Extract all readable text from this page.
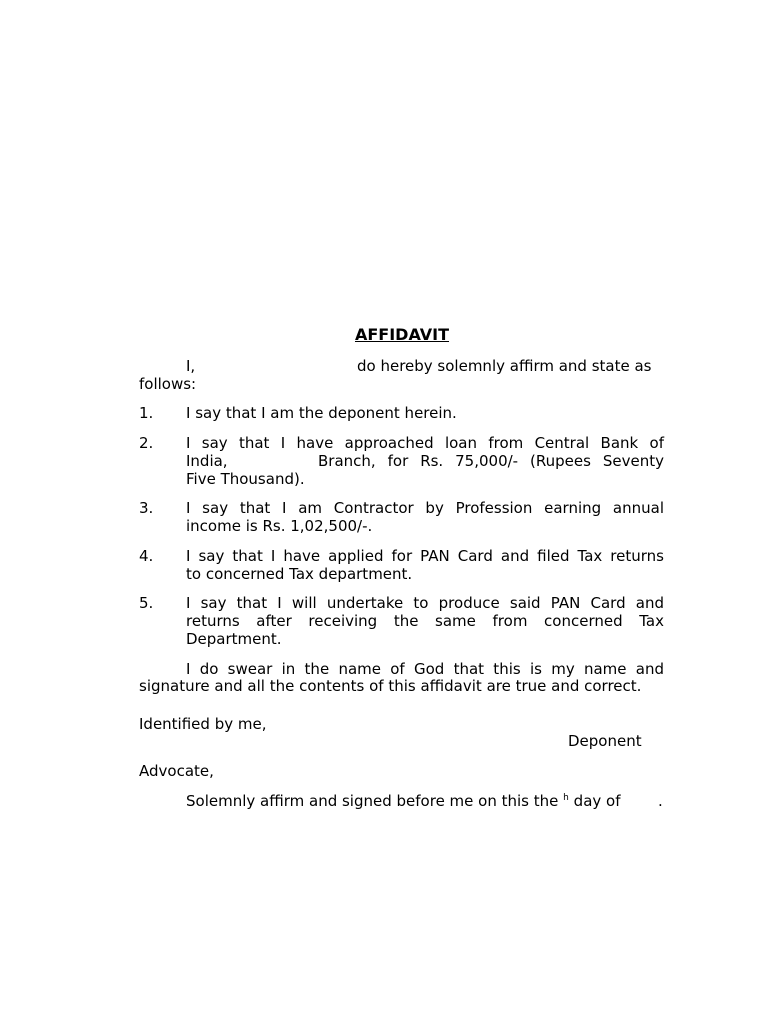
AFFIDAVIT
I,	do hereby solemnly affirm and state as
follows:
1. I say that I am the deponent herein.
2. I say that I have approached loan from Central Bank of
India,	Branch, for Rs. 75,000/- (Rupees Seventy
Five Thousand).
3. I say that I am Contractor by Profession earning annual
income is Rs. 1,02,500/-.
4. I say that I have applied for PAN Card and filed Tax returns
to concerned Tax department.
5. I say that I will undertake to produce said PAN Card and
returns after receiving the same from concerned Tax
Department.
I do swear in the name of God that this is my name and
signature and all the contents of this affidavit are true and correct.
Identified by me,
Deponent
Advocate,
Solemnly affirm and signed before me on this the $^h$ day of	.
